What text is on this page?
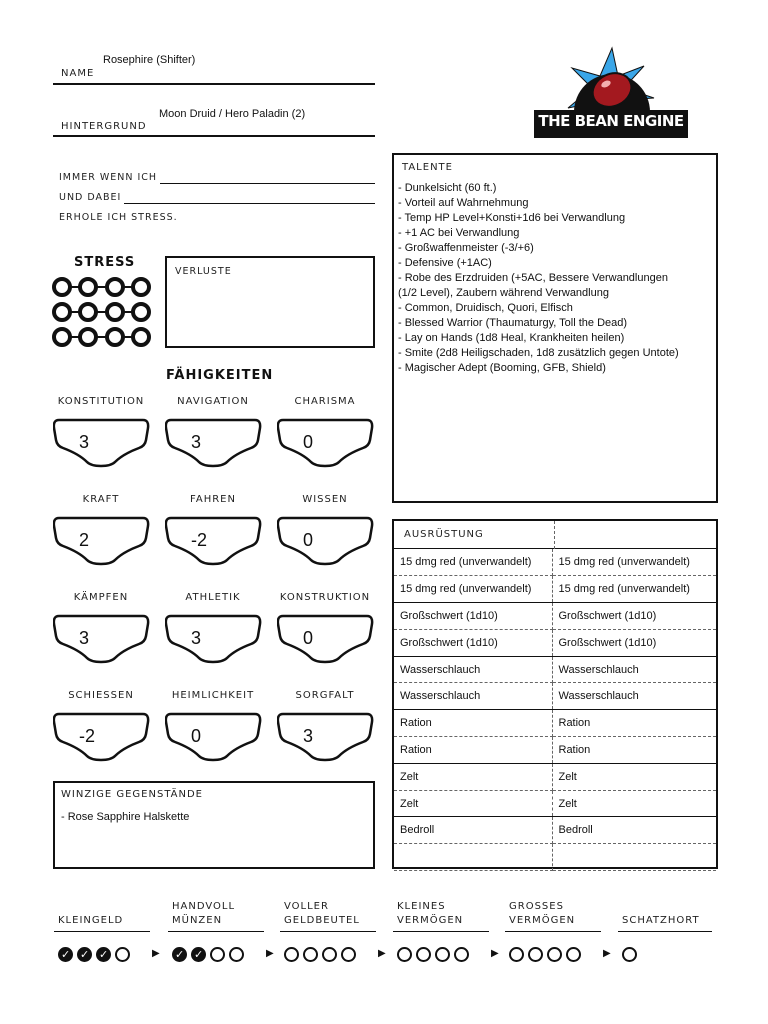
Rosephire (Shifter)
NAME
Moon Druid / Hero Paladin (2)
HINTERGRUND	THE BEAN ENGINE
IMMER WENN ICH
UND DABEI
ERHOLE ICH STRESS.
STRESS
VERLUSTE
FÄHIGKEITEN
KONSTITUTION
3
NAVIGATION
3
CHARISMA
0
KRAFT
2
FAHREN
-2
WISSEN
0
KÄMPFEN
3
ATHLETIK
3
KONSTRUKTION
0
SCHIESSEN
-2
HEIMLICHKEIT
0
SORGFALT
3
WINZIGE GEGENSTÄNDE
- Rose Sapphire Halskette
TALENTE
- Dunkelsicht (60 ft.)
- Vorteil auf Wahrnehmung
- Temp HP Level+Konsti+1d6 bei Verwandlung
- +1 AC bei Verwandlung
- Großwaffenmeister (-3/+6)
- Defensive (+1AC)
- Robe des Erzdruiden (+5AC, Bessere Verwandlungen
(1/2 Level), Zaubern während Verwandlung
- Common, Druidisch, Quori, Elfisch
- Blessed Warrior (Thaumaturgy, Toll the Dead)
- Lay on Hands (1d8 Heal, Krankheiten heilen)
- Smite (2d8 Heiligschaden, 1d8 zusätzlich gegen Untote)
- Magischer Adept (Booming, GFB, Shield)
AUSRÜSTUNG
15 dmg red (unverwandelt)	15 dmg red (unverwandelt)
15 dmg red (unverwandelt)	15 dmg red (unverwandelt)
Großschwert (1d10)	Großschwert (1d10)
Großschwert (1d10)	Großschwert (1d10)
Wasserschlauch	Wasserschlauch
Wasserschlauch	Wasserschlauch
Ration	Ration
Ration	Ration
Zelt	Zelt
Zelt	Zelt
Bedroll	Bedroll

KLEINGELD
✓
✓
✓
▶
HANDVOLL
MÜNZEN
✓
✓
▶
VOLLER
GELDBEUTEL
▶
KLEINES
VERMÖGEN
▶
GROSSES
VERMÖGEN
▶
SCHATZHORT
